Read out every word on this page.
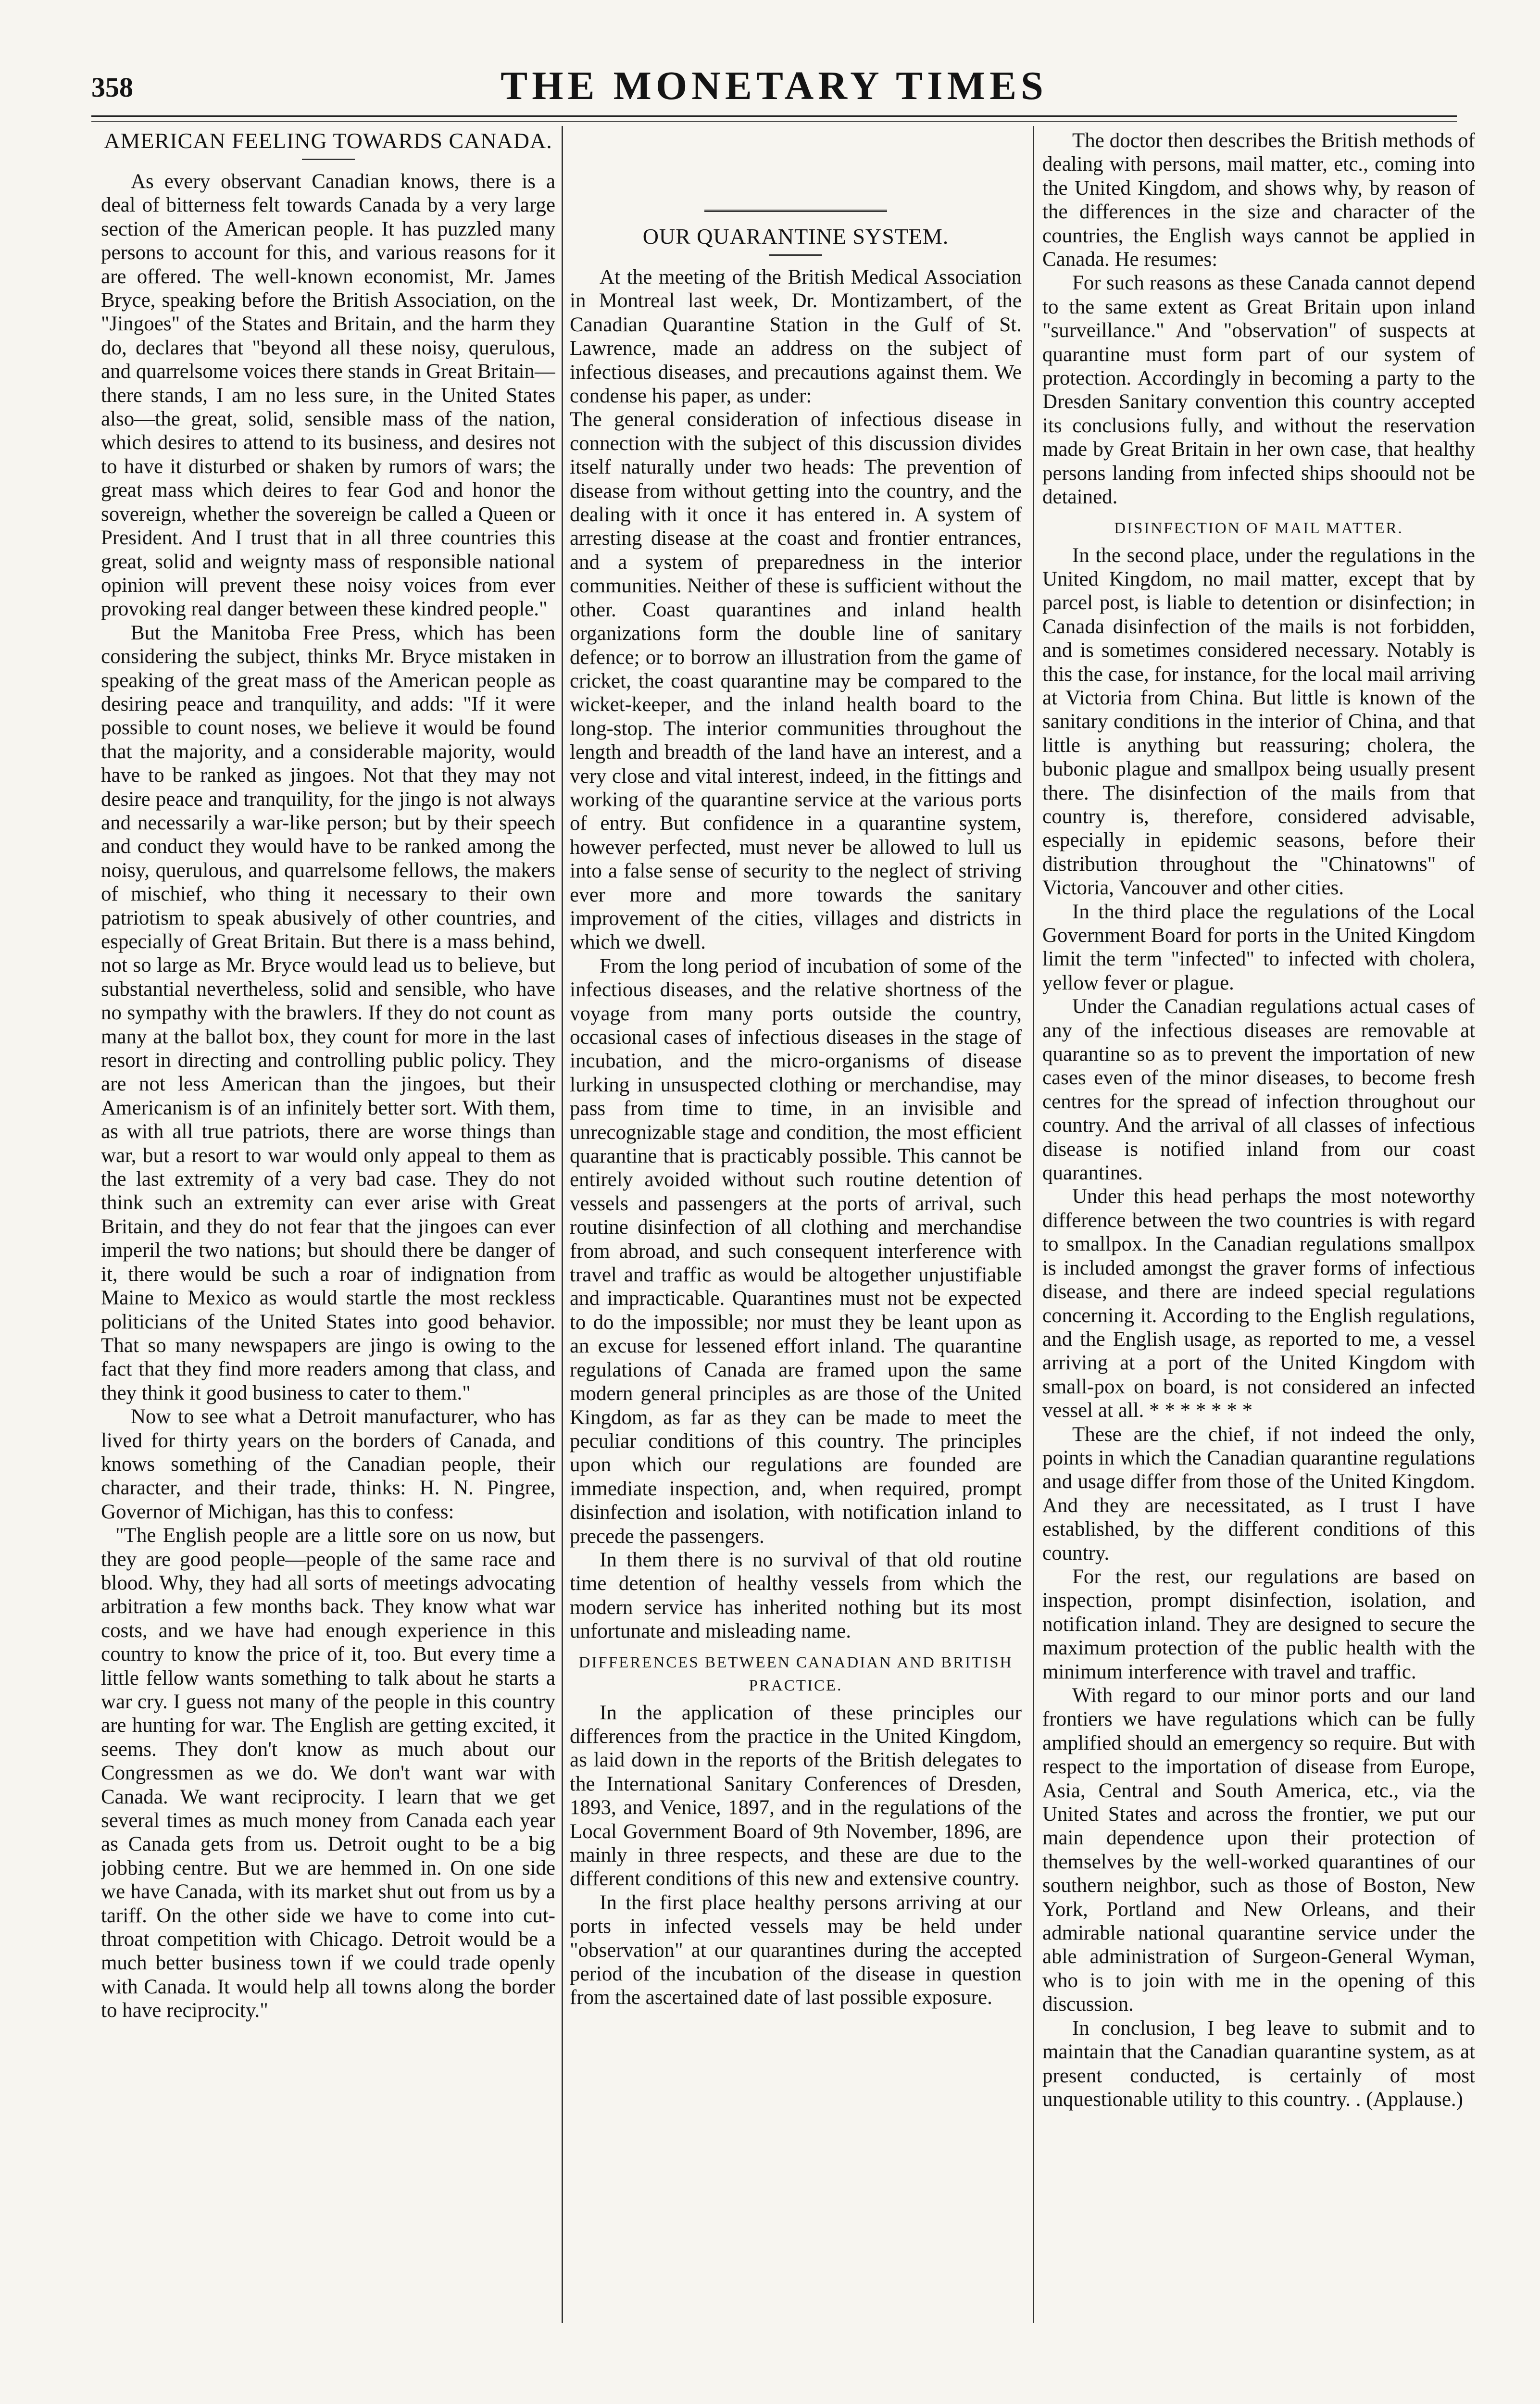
358	THE MONETARY TIMES
AMERICAN FEELING TOWARDS CANADA.

As every observant Canadian knows, there is a deal of bitterness felt towards Canada by a very large section of the American people. It has puzzled many persons to account for this, and various reasons for it are offered. The well-known economist, Mr. James Bryce, speaking before the British Association, on the "Jingoes" of the States and Britain, and the harm they do, declares that "beyond all these noisy, querulous, and quarrelsome voices there stands in Great Britain—there stands, I am no less sure, in the United States also—the great, solid, sensible mass of the nation, which desires to attend to its business, and desires not to have it disturbed or shaken by rumors of wars; the great mass which deires to fear God and honor the sovereign, whether the sovereign be called a Queen or President. And I trust that in all three countries this great, solid and weignty mass of responsible national opinion will prevent these noisy voices from ever provoking real danger between these kindred people."

But the Manitoba Free Press, which has been considering the subject, thinks Mr. Bryce mistaken in speaking of the great mass of the American people as desiring peace and tranquility, and adds: "If it were possible to count noses, we believe it would be found that the majority, and a considerable majority, would have to be ranked as jingoes. Not that they may not desire peace and tranquility, for the jingo is not always and necessarily a war-like person; but by their speech and conduct they would have to be ranked among the noisy, querulous, and quarrelsome fellows, the makers of mischief, who thing it necessary to their own patriotism to speak abusively of other countries, and especially of Great Britain. But there is a mass behind, not so large as Mr. Bryce would lead us to believe, but substantial nevertheless, solid and sensible, who have no sympathy with the brawlers. If they do not count as many at the ballot box, they count for more in the last resort in directing and controlling public policy. They are not less American than the jingoes, but their Americanism is of an infinitely better sort. With them, as with all true patriots, there are worse things than war, but a resort to war would only appeal to them as the last extremity of a very bad case. They do not think such an extremity can ever arise with Great Britain, and they do not fear that the jingoes can ever imperil the two nations; but should there be danger of it, there would be such a roar of indignation from Maine to Mexico as would startle the most reckless politicians of the United States into good behavior. That so many newspapers are jingo is owing to the fact that they find more readers among that class, and they think it good business to cater to them."

Now to see what a Detroit manufacturer, who has lived for thirty years on the borders of Canada, and knows something of the Canadian people, their character, and their trade, thinks: H. N. Pingree, Governor of Michigan, has this to confess:

"The English people are a little sore on us now, but they are good people—people of the same race and blood. Why, they had all sorts of meetings advocating arbitration a few months back. They know what war costs, and we have had enough experience in this country to know the price of it, too. But every time a little fellow wants something to talk about he starts a war cry. I guess not many of the people in this country are hunting for war. The English are getting excited, it seems. They don't know as much about our Congressmen as we do. We don't want war with Canada. We want reciprocity. I learn that we get several times as much money from Canada each year as Canada gets from us. Detroit ought to be a big jobbing centre. But we are hemmed in. On one side we have Canada, with its market shut out from us by a tariff. On the other side we have to come into cut-throat competition with Chicago. Detroit would be a much better business town if we could trade openly with Canada. It would help all towns along the border to have reciprocity."

OUR QUARANTINE SYSTEM.

At the meeting of the British Medical Association in Montreal last week, Dr. Montizambert, of the Canadian Quarantine Station in the Gulf of St. Lawrence, made an address on the subject of infectious diseases, and precautions against them. We condense his paper, as under:

The general consideration of infectious disease in connection with the subject of this discussion divides itself naturally under two heads: The prevention of disease from without getting into the country, and the dealing with it once it has entered in. A system of arresting disease at the coast and frontier entrances, and a system of preparedness in the interior communities. Neither of these is sufficient without the other. Coast quarantines and inland health organizations form the double line of sanitary defence; or to borrow an illustration from the game of cricket, the coast quarantine may be compared to the wicket-keeper, and the inland health board to the long-stop. The interior communities throughout the length and breadth of the land have an interest, and a very close and vital interest, indeed, in the fittings and working of the quarantine service at the various ports of entry. But confidence in a quarantine system, however perfected, must never be allowed to lull us into a false sense of security to the neglect of striving ever more and more towards the sanitary improvement of the cities, villages and districts in which we dwell.

From the long period of incubation of some of the infectious diseases, and the relative shortness of the voyage from many ports outside the country, occasional cases of infectious diseases in the stage of incubation, and the micro-organisms of disease lurking in unsuspected clothing or merchandise, may pass from time to time, in an invisible and unrecognizable stage and condition, the most efficient quarantine that is practicably possible. This cannot be entirely avoided without such routine detention of vessels and passengers at the ports of arrival, such routine disinfection of all clothing and merchandise from abroad, and such consequent interference with travel and traffic as would be altogether unjustifiable and impracticable. Quarantines must not be expected to do the impossible; nor must they be leant upon as an excuse for lessened effort inland. The quarantine regulations of Canada are framed upon the same modern general principles as are those of the United Kingdom, as far as they can be made to meet the peculiar conditions of this country. The principles upon which our regulations are founded are immediate inspection, and, when required, prompt disinfection and isolation, with notification inland to precede the passengers.

In them there is no survival of that old routine time detention of healthy vessels from which the modern service has inherited nothing but its most unfortunate and misleading name.

DIFFERENCES BETWEEN CANADIAN AND BRITISH PRACTICE.

In the application of these principles our differences from the practice in the United Kingdom, as laid down in the reports of the British delegates to the International Sanitary Conferences of Dresden, 1893, and Venice, 1897, and in the regulations of the Local Government Board of 9th November, 1896, are mainly in three respects, and these are due to the different conditions of this new and extensive country.

In the first place healthy persons arriving at our ports in infected vessels may be held under "observation" at our quarantines during the accepted period of the incubation of the disease in question from the ascertained date of last possible exposure.

The doctor then describes the British methods of dealing with persons, mail matter, etc., coming into the United Kingdom, and shows why, by reason of the differences in the size and character of the countries, the English ways cannot be applied in Canada. He resumes:

For such reasons as these Canada cannot depend to the same extent as Great Britain upon inland "surveillance." And "observation" of suspects at quarantine must form part of our system of protection. Accordingly in becoming a party to the Dresden Sanitary convention this country accepted its conclusions fully, and without the reservation made by Great Britain in her own case, that healthy persons landing from infected ships shoould not be detained.

DISINFECTION OF MAIL MATTER.

In the second place, under the regulations in the United Kingdom, no mail matter, except that by parcel post, is liable to detention or disinfection; in Canada disinfection of the mails is not forbidden, and is sometimes considered necessary. Notably is this the case, for instance, for the local mail arriving at Victoria from China. But little is known of the sanitary conditions in the interior of China, and that little is anything but reassuring; cholera, the bubonic plague and smallpox being usually present there. The disinfection of the mails from that country is, therefore, considered advisable, especially in epidemic seasons, before their distribution throughout the "Chinatowns" of Victoria, Vancouver and other cities.

In the third place the regulations of the Local Government Board for ports in the United Kingdom limit the term "infected" to infected with cholera, yellow fever or plague.

Under the Canadian regulations actual cases of any of the infectious diseases are removable at quarantine so as to prevent the importation of new cases even of the minor diseases, to become fresh centres for the spread of infection throughout our country. And the arrival of all classes of infectious disease is notified inland from our coast quarantines.

Under this head perhaps the most noteworthy difference between the two countries is with regard to smallpox. In the Canadian regulations smallpox is included amongst the graver forms of infectious disease, and there are indeed special regulations concerning it. According to the English regulations, and the English usage, as reported to me, a vessel arriving at a port of the United Kingdom with small-pox on board, is not considered an infected vessel at all. * * * * * * *

These are the chief, if not indeed the only, points in which the Canadian quarantine regulations and usage differ from those of the United Kingdom. And they are necessitated, as I trust I have established, by the different conditions of this country.

For the rest, our regulations are based on inspection, prompt disinfection, isolation, and notification inland. They are designed to secure the maximum protection of the public health with the minimum interference with travel and traffic.

With regard to our minor ports and our land frontiers we have regulations which can be fully amplified should an emergency so require. But with respect to the importation of disease from Europe, Asia, Central and South America, etc., via the United States and across the frontier, we put our main dependence upon their protection of themselves by the well-worked quarantines of our southern neighbor, such as those of Boston, New York, Portland and New Orleans, and their admirable national quarantine service under the able administration of Surgeon-General Wyman, who is to join with me in the opening of this discussion.

In conclusion, I beg leave to submit and to maintain that the Canadian quarantine system, as at present conducted, is certainly of most unquestionable utility to this country. . (Applause.)
